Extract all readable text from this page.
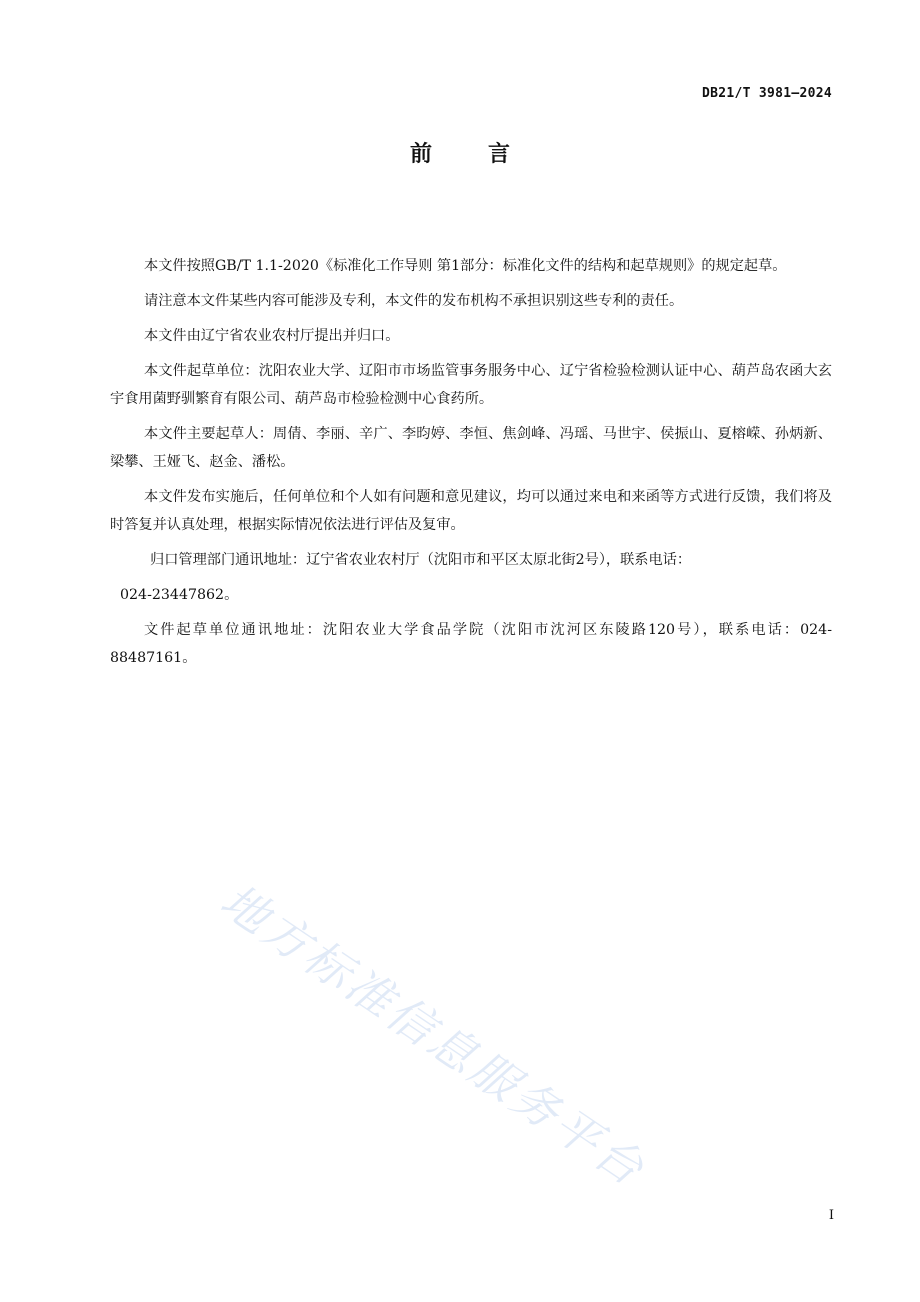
DB21/T 3981—2024
前言

本文件按照GB/T 1.1-2020《标准化工作导则 第1部分：标准化文件的结构和起草规则》的规定起草。

请注意本文件某些内容可能涉及专利，本文件的发布机构不承担识别这些专利的责任。

本文件由辽宁省农业农村厅提出并归口。

本文件起草单位：沈阳农业大学、辽阳市市场监管事务服务中心、辽宁省检验检测认证中心、葫芦岛农函大玄宇食用菌野驯繁育有限公司、葫芦岛市检验检测中心食药所。

本文件主要起草人：周倩、李丽、辛广、李昀婷、李恒、焦剑峰、冯瑶、马世宇、侯振山、夏榕嵘、孙炳新、梁攀、王娅飞、赵金、潘松。

本文件发布实施后，任何单位和个人如有问题和意见建议，均可以通过来电和来函等方式进行反馈，我们将及时答复并认真处理，根据实际情况依法进行评估及复审。

归口管理部门通讯地址：辽宁省农业农村厅（沈阳市和平区太原北街2号），联系电话：

024-23447862。

文件起草单位通讯地址：沈阳农业大学食品学院（沈阳市沈河区东陵路120号），联系电话：024-88487161。

地方标准信息服务平台
I
